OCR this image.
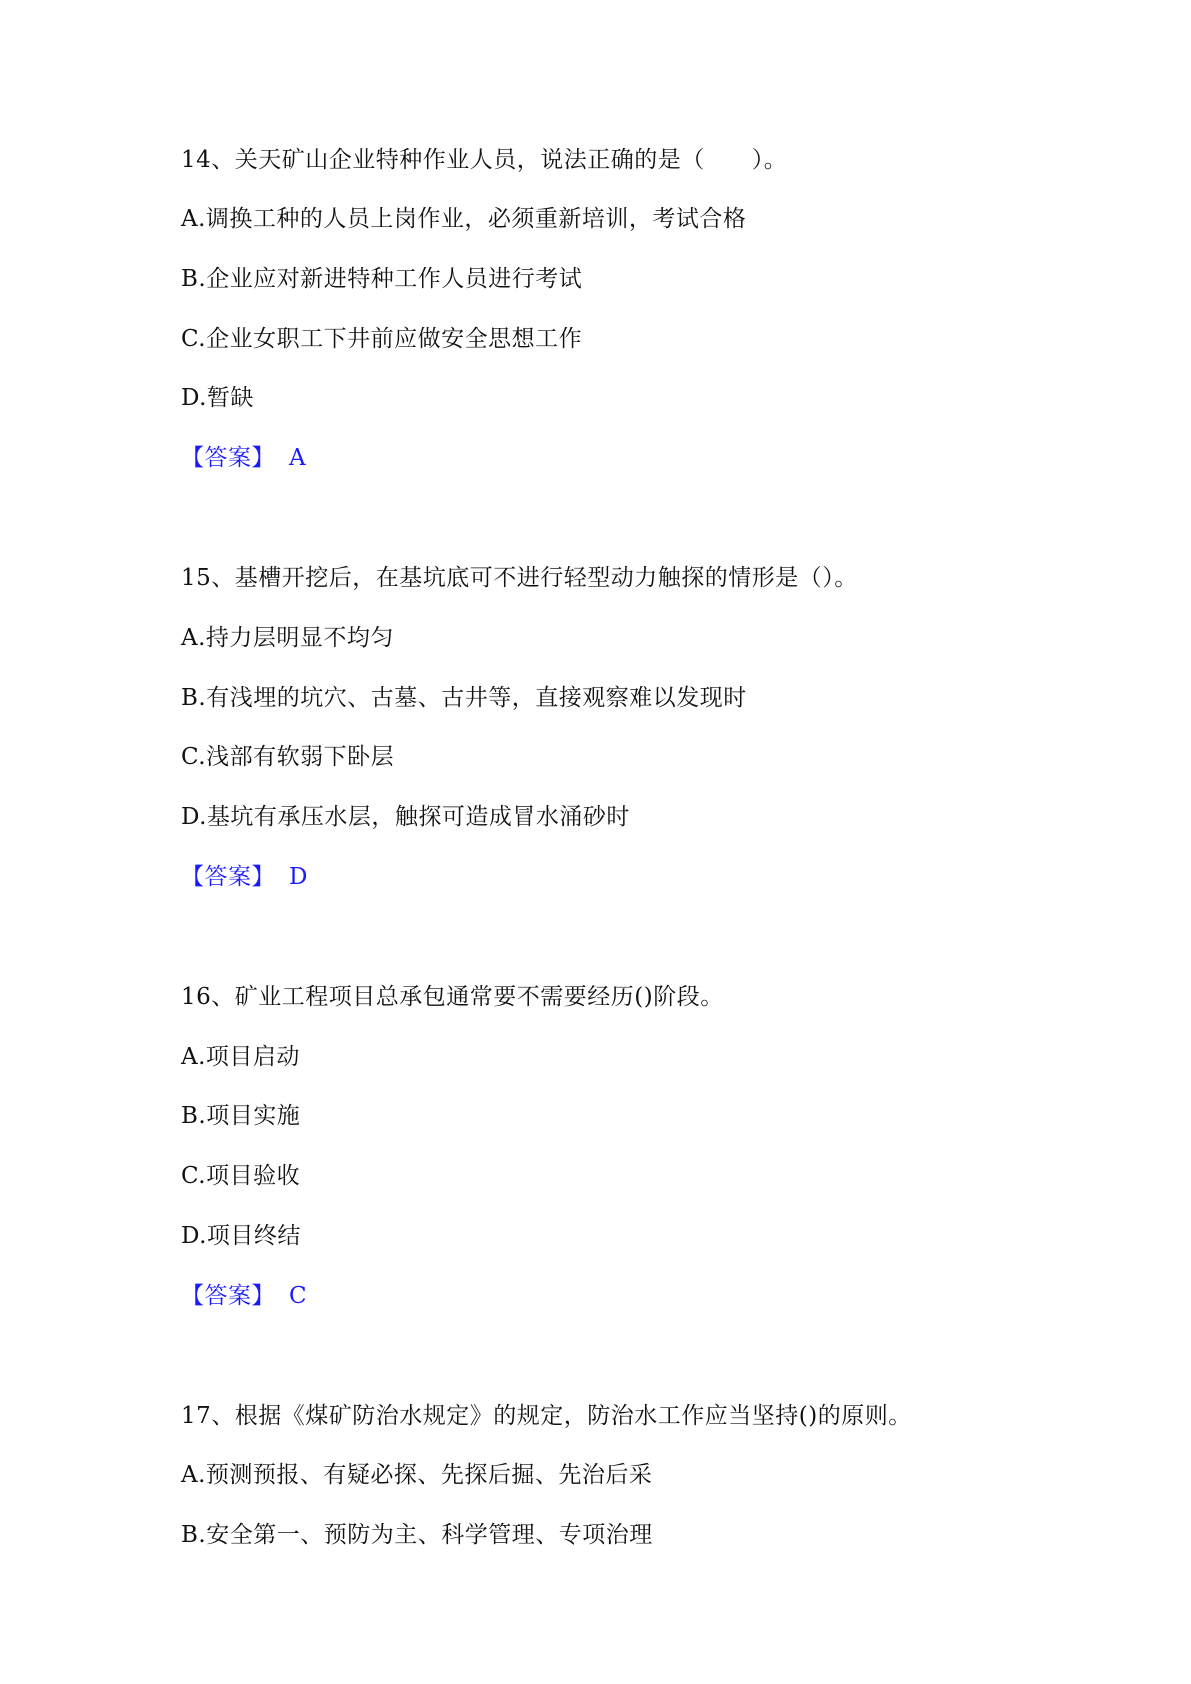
14、关天矿山企业特种作业人员，说法正确的是（　　）。
A.调换工种的人员上岗作业，必须重新培训，考试合格
B.企业应对新进特种工作人员进行考试
C.企业女职工下井前应做安全思想工作
D.暂缺
【答案】 A
15、基槽开挖后，在基坑底可不进行轻型动力触探的情形是（）。
A.持力层明显不均匀
B.有浅埋的坑穴、古墓、古井等，直接观察难以发现时
C.浅部有软弱下卧层
D.基坑有承压水层，触探可造成冒水涌砂时
【答案】 D
16、矿业工程项目总承包通常要不需要经历()阶段。
A.项目启动
B.项目实施
C.项目验收
D.项目终结
【答案】 C
17、根据《煤矿防治水规定》的规定，防治水工作应当坚持()的原则。
A.预测预报、有疑必探、先探后掘、先治后采
B.安全第一、预防为主、科学管理、专项治理
